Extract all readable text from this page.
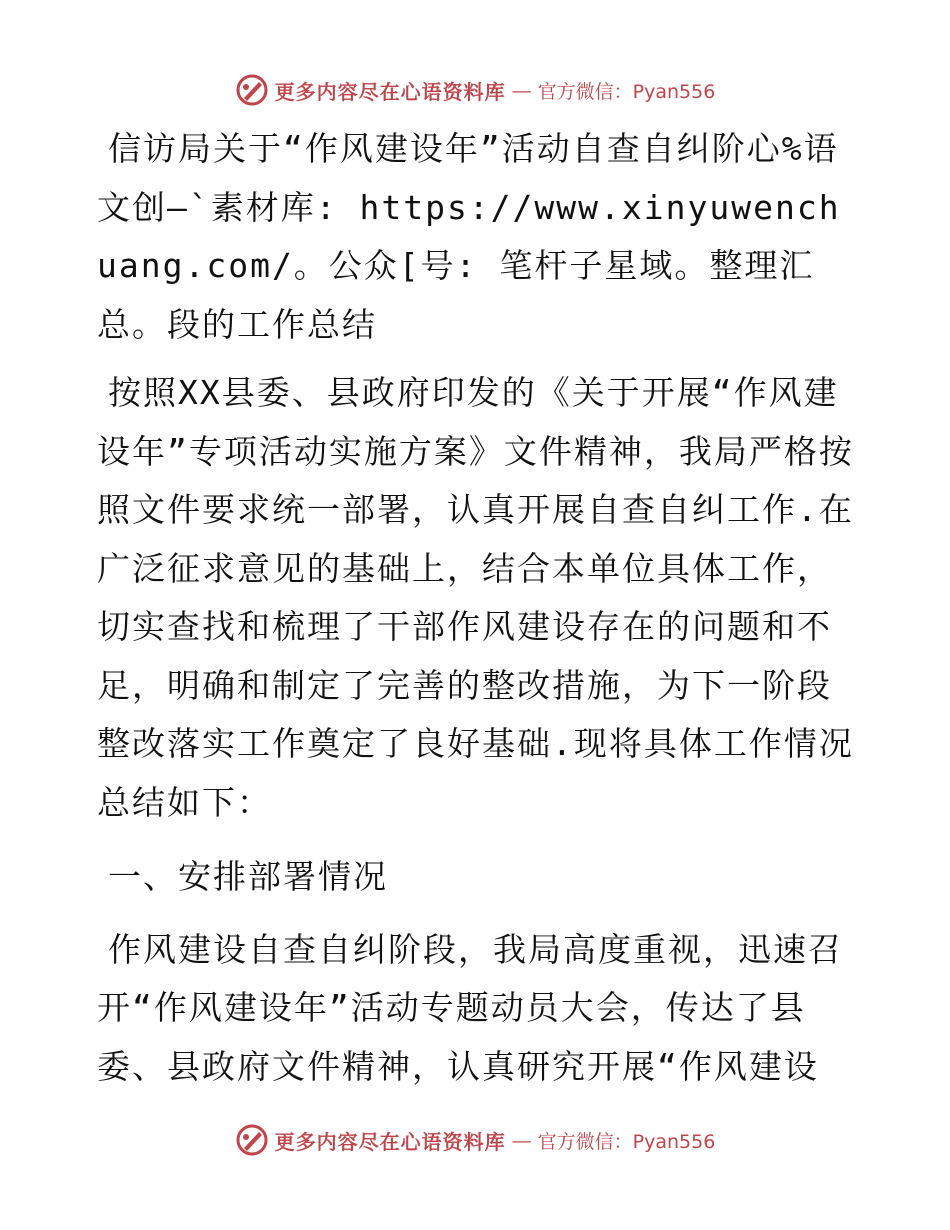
更多内容尽在心语资料库 — 官方微信：Pyan556

信访局关于“作风建设年”活动自查自纠阶心%语文创—`素材库: https://www.xinyuwenchuang.com/。公众[号: 笔杆子星域。整理汇总。段的工作总结

按照XX县委、县政府印发的《关于开展“作风建设年”专项活动实施方案》文件精神，我局严格按照文件要求统一部署，认真开展自查自纠工作.在广泛征求意见的基础上，结合本单位具体工作，切实查找和梳理了干部作风建设存在的问题和不足，明确和制定了完善的整改措施，为下一阶段整改落实工作奠定了良好基础.现将具体工作情况总结如下：

一、安排部署情况

作风建设自查自纠阶段，我局高度重视，迅速召开“作风建设年”活动专题动员大会，传达了县委、县政府文件精神，认真研究开展“作风建设

更多内容尽在心语资料库 — 官方微信：Pyan556
